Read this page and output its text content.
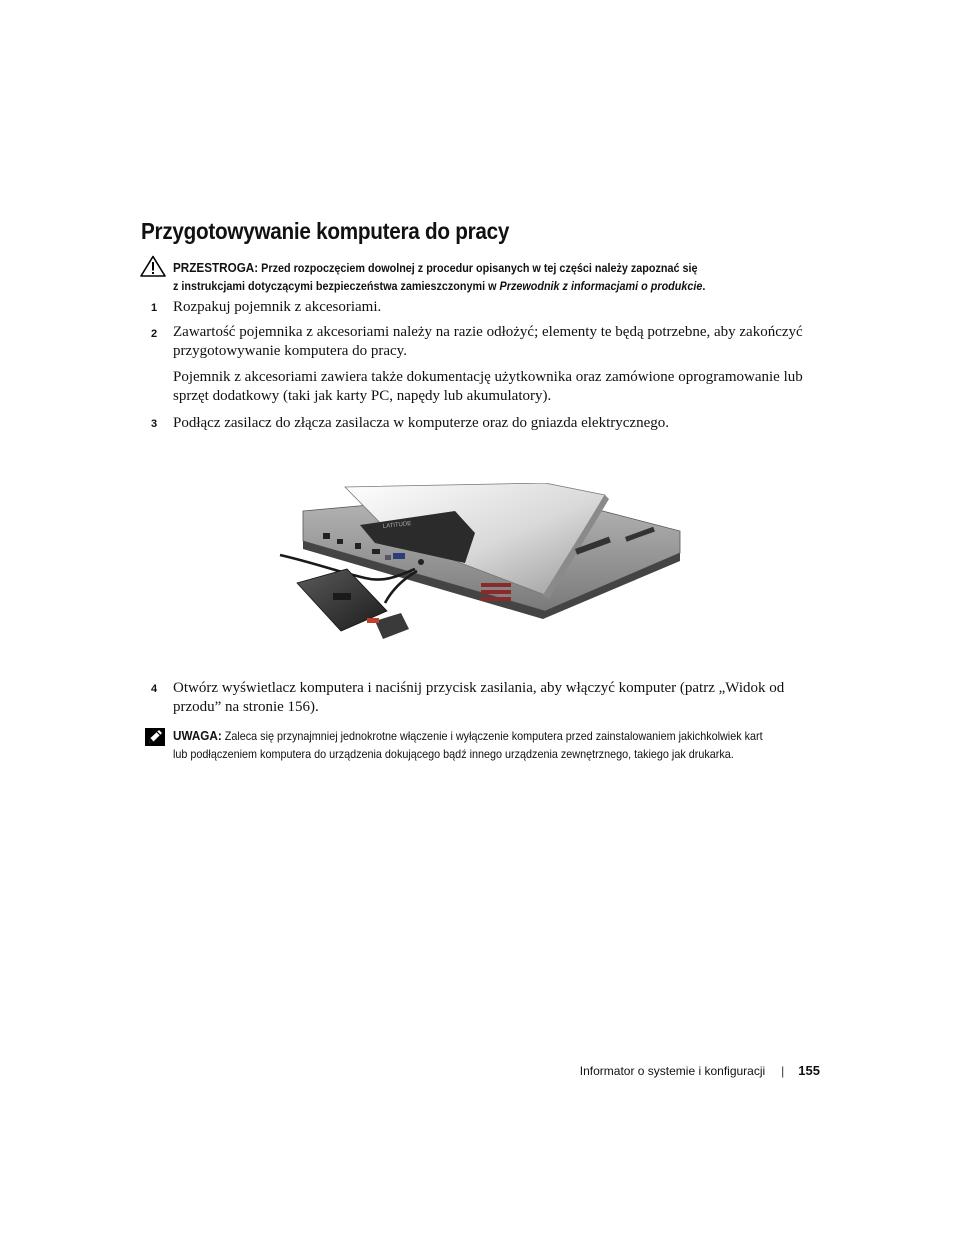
Przygotowywanie komputera do pracy
PRZESTROGA: Przed rozpoczęciem dowolnej z procedur opisanych w tej części należy zapoznać się
z instrukcjami dotyczącymi bezpieczeństwa zamieszczonymi w Przewodnik z informacjami o produkcie.
1 Rozpakuj pojemnik z akcesoriami.

2 Zawartość pojemnika z akcesoriami należy na razie odłożyć; elementy te będą potrzebne, aby zakończyć przygotowywanie komputera do pracy.

Pojemnik z akcesoriami zawiera także dokumentację użytkownika oraz zamówione oprogramowanie lub sprzęt dodatkowy (taki jak karty PC, napędy lub akumulatory).

3 Podłącz zasilacz do złącza zasilacza w komputerze oraz do gniazda elektrycznego.

LATITUDE
4 Otwórz wyświetlacz komputera i naciśnij przycisk zasilania, aby włączyć komputer (patrz „Widok od przodu” na stronie 156).

UWAGA: Zaleca się przynajmniej jednokrotne włączenie i wyłączenie komputera przed zainstalowaniem jakichkolwiek kart lub podłączeniem komputera do urządzenia dokującego bądź innego urządzenia zewnętrznego, takiego jak drukarka.
Informator o systemie i konfiguracji | 155
